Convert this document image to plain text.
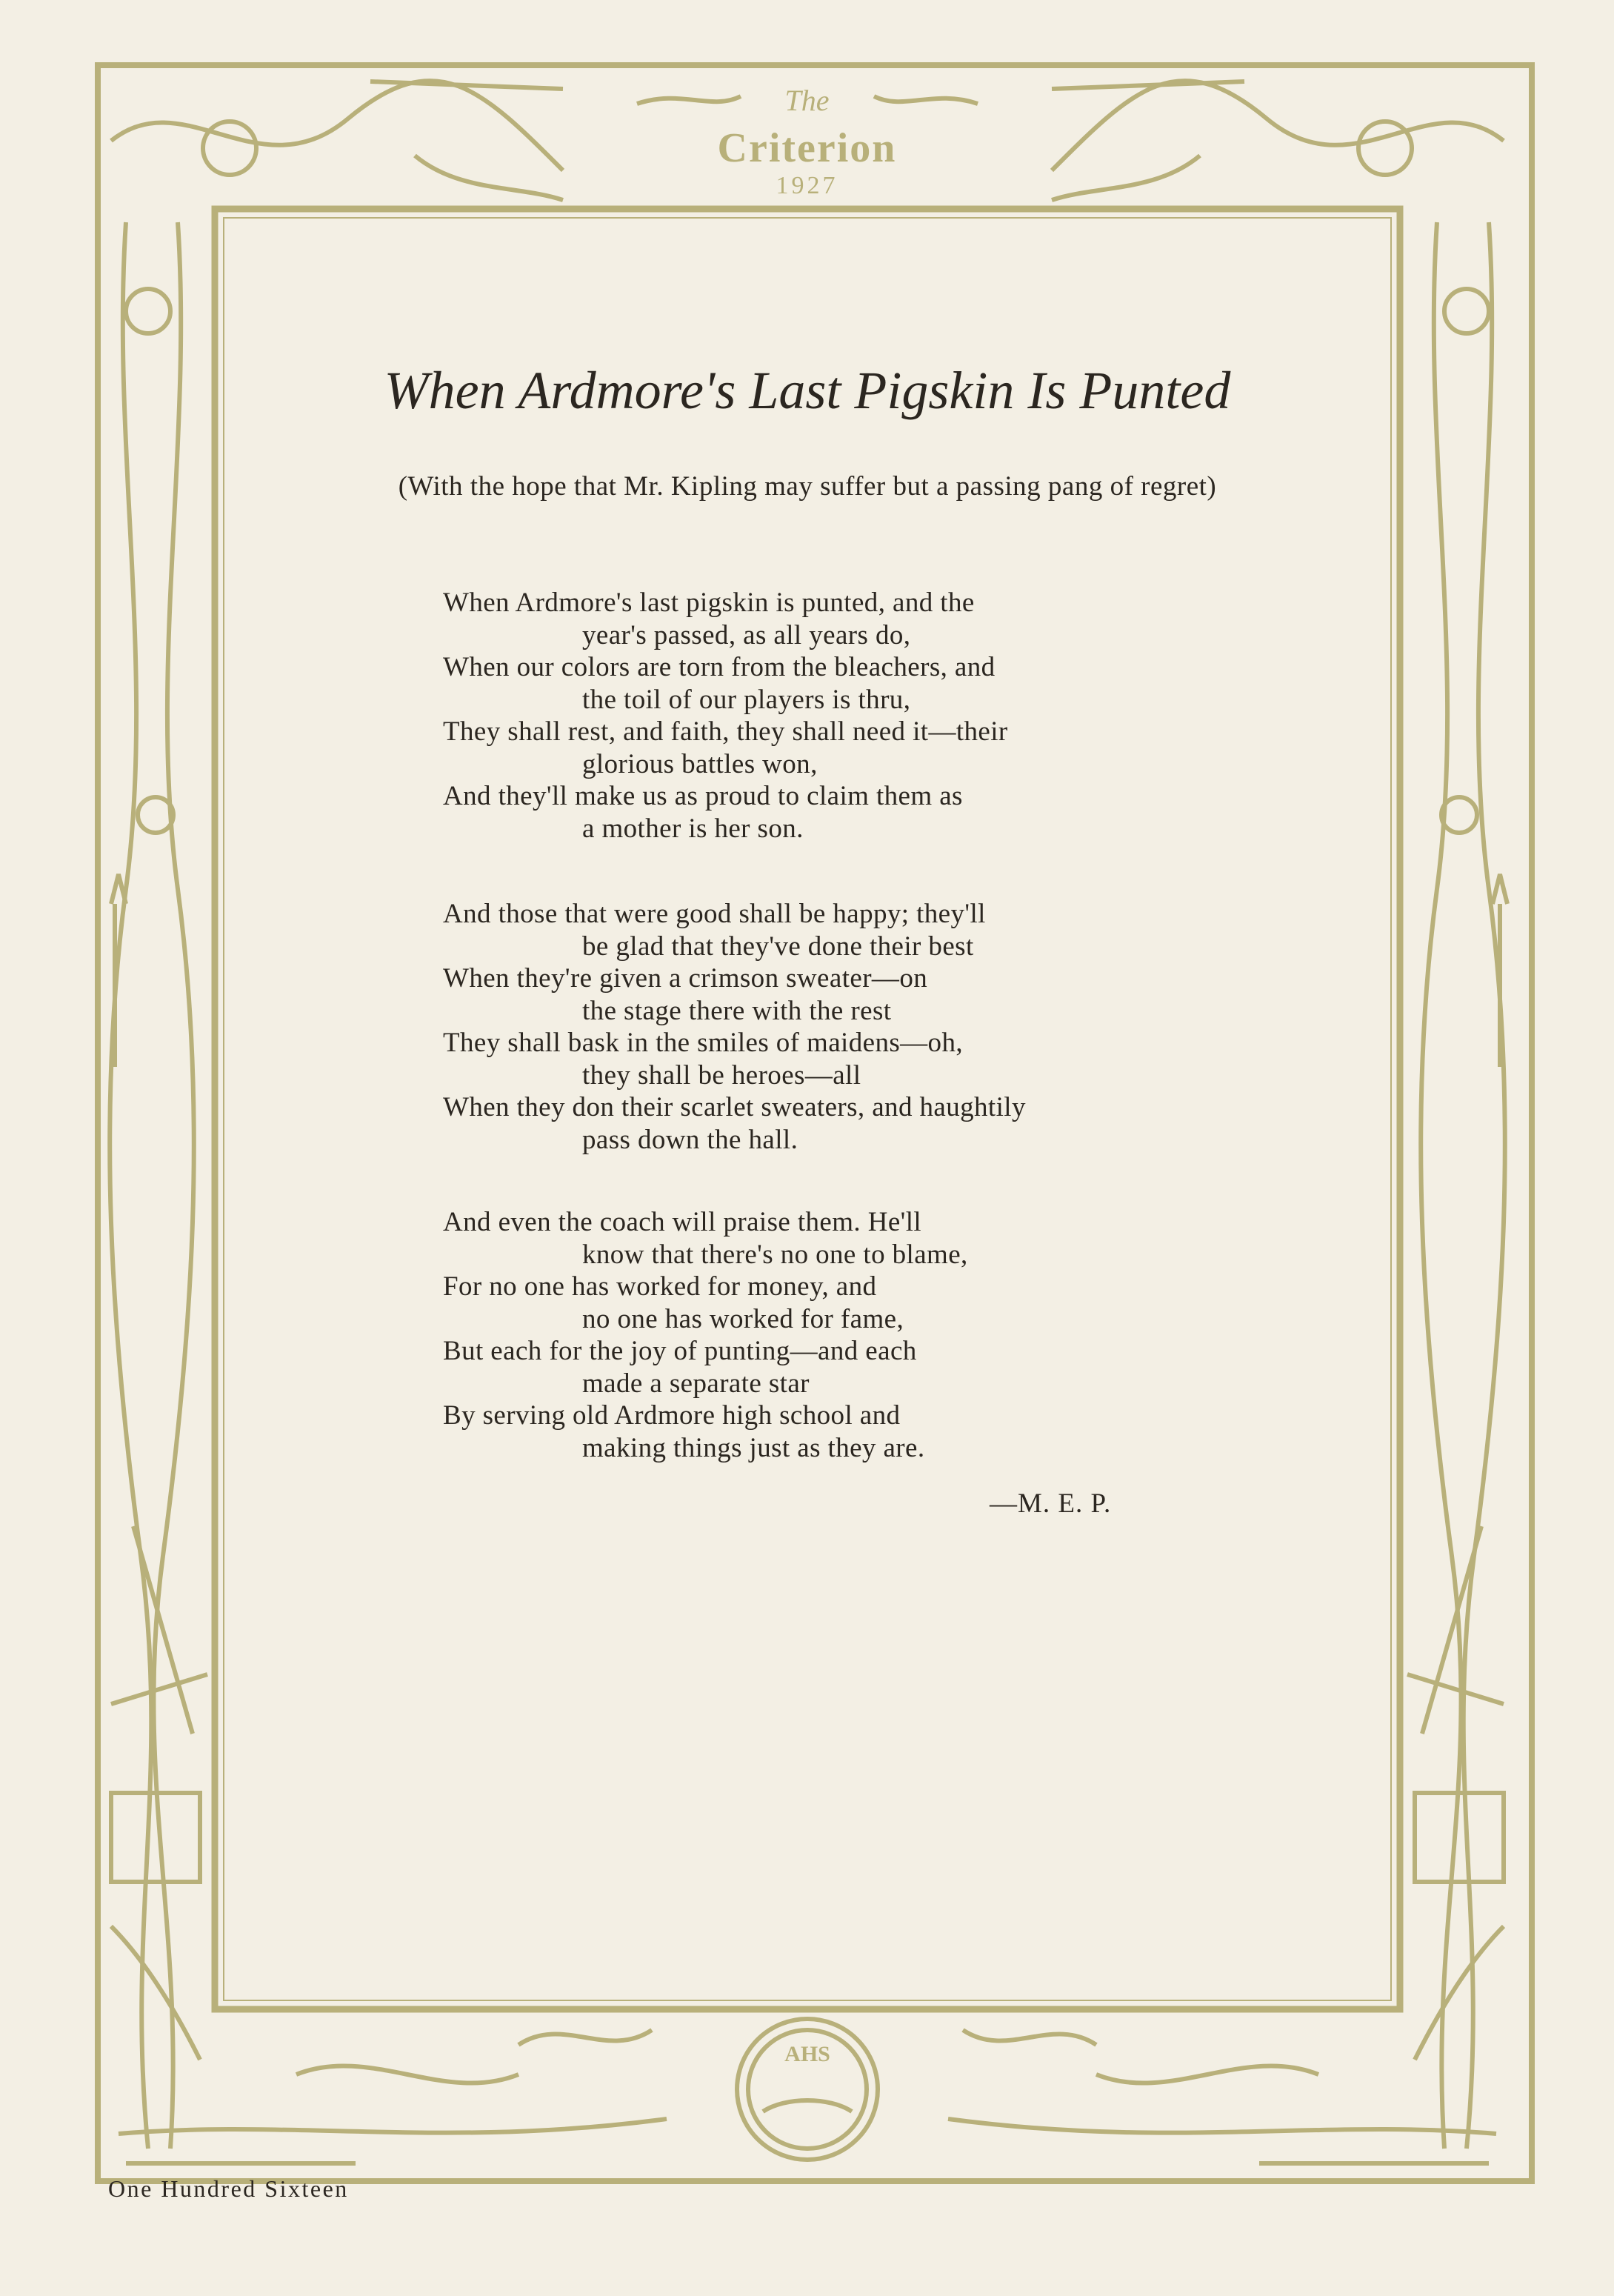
The
Criterion
1927
AHS
When Ardmore's Last Pigskin Is Punted
(With the hope that Mr. Kipling may suffer but a passing pang of regret)
When Ardmore's last pigskin is punted, and the
year's passed, as all years do,
When our colors are torn from the bleachers, and
the toil of our players is thru,
They shall rest, and faith, they shall need it—their
glorious battles won,
And they'll make us as proud to claim them as
a mother is her son.
And those that were good shall be happy; they'll
be glad that they've done their best
When they're given a crimson sweater—on
the stage there with the rest
They shall bask in the smiles of maidens—oh,
they shall be heroes—all
When they don their scarlet sweaters, and haughtily
pass down the hall.
And even the coach will praise them. He'll
know that there's no one to blame,
For no one has worked for money, and
no one has worked for fame,
But each for the joy of punting—and each
made a separate star
By serving old Ardmore high school and
making things just as they are.
—M. E. P.
One Hundred Sixteen
